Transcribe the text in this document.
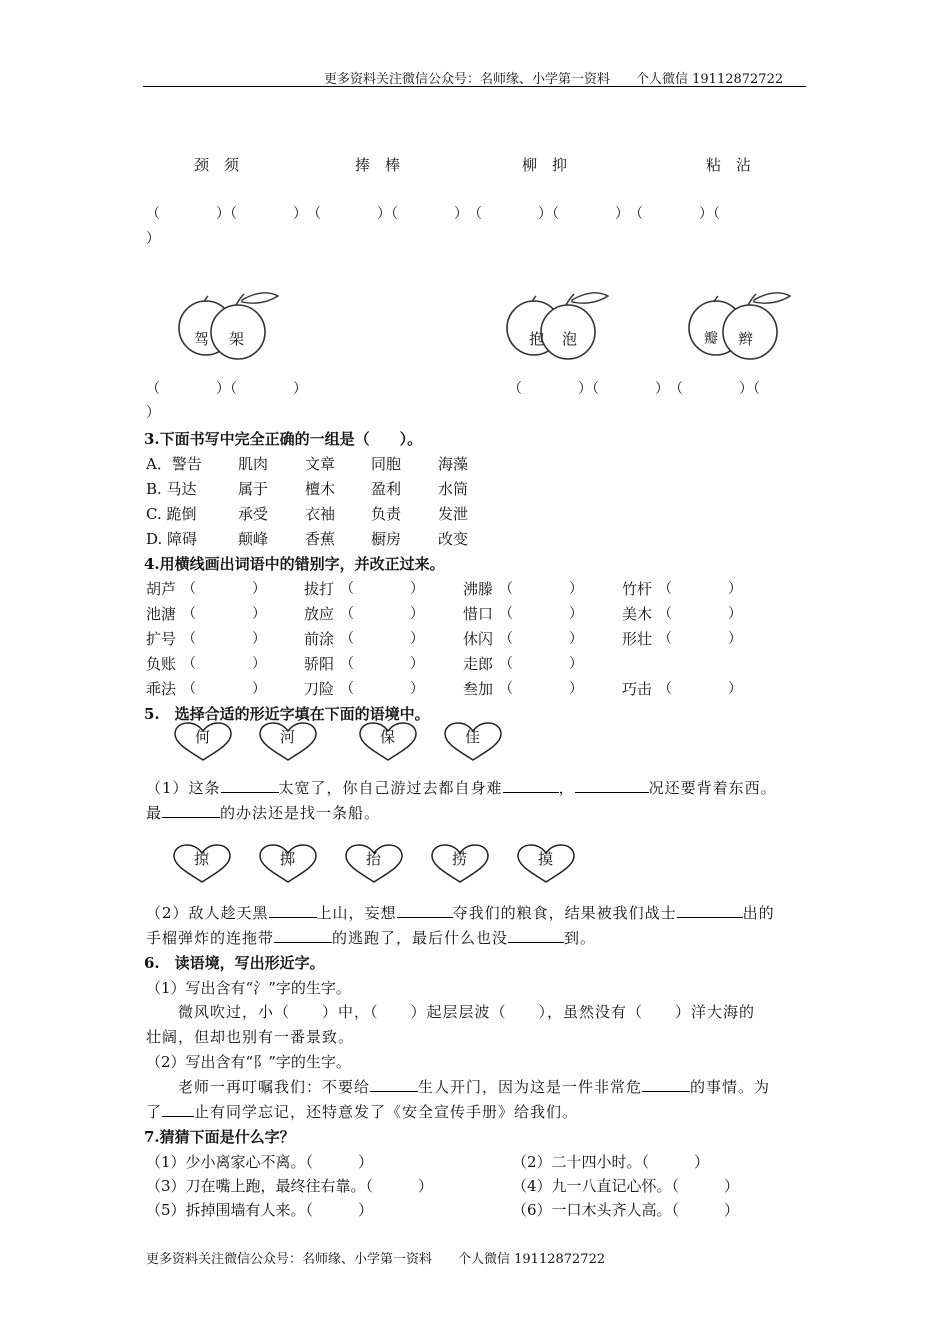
更多资料关注微信公众号：名师缘、小学第一资料　　个人微信 19112872722
颈　须	捧　棒	柳　抑	粘　沾
（　　　　）（　　　　）　（　　　　）（　　　　）　（　　　　）（　　　　）　（　　　　）（
）
驾 架	抱 泡	瓣 辫
（　　　　）（　　　　）	（　　　　）（　　　　）　（　　　　）（
）
3.下面书写中完全正确的一组是（　　）。
A．警告 肌肉 文章 同胞 海藻
B. 马达	属于 檀木 盈利 水筒
C. 跪倒	承受 衣袖 负责 发泄
D. 障碍	颠峰 香蕉 橱房 改变
4.用横线画出词语中的错别字，并改正过来。
胡芦 （　　　　）	拔打 （　　　　）	沸滕 （　　　　）	竹杆 （　　　　）
池溏 （　　　　）	放应 （　　　　）	惜口 （　　　　）	美木 （　　　　）
扩号 （　　　　）	前涂 （　　　　）	休闪 （　　　　）	形壮 （　　　　）
负账 （　　　　）	骄阳 （　　　　）	走郎 （　　　　）
乖法 （　　　　）	刀险 （　　　　）	叁加 （　　　　）	巧击 （　　　　）
5.　选择合适的形近字填在下面的语境中。
何	河	保	佳
（1）这条	太宽了，你自己游过去都自身难	，	况还要背着东西。
最	的办法还是找一条船。
掠	掷	抬	捞	摸
（2）敌人趁天黑	上山，妄想	夺我们的粮食，结果被我们战士	出的
手榴弹炸的连拖带	的逃跑了，最后什么也没	到。
6.　读语境，写出形近字。
（1）写出含有“氵”字的生字。
微风吹过，小（　　）中，（　　）起层层波（　　），虽然没有（　　）洋大海的
壮阔，但却也别有一番景致。
（2）写出含有“阝”字的生字。
老师一再叮嘱我们：不要给	生人开门，因为这是一件非常危	的事情。为
了 止有同学忘记，还特意发了《安全宣传手册》给我们。
7.猜猜下面是什么字？
（1）少小离家心不离。（　　　）	（2）二十四小时。（　　　）
（3）刀在嘴上跑，最终往右靠。（　　　）	（4）九一八直记心怀。（　　　）
（5）拆掉围墙有人来。（　　　）	（6）一口木头齐人高。（　　　）
更多资料关注微信公众号：名师缘、小学第一资料　　个人微信 19112872722
